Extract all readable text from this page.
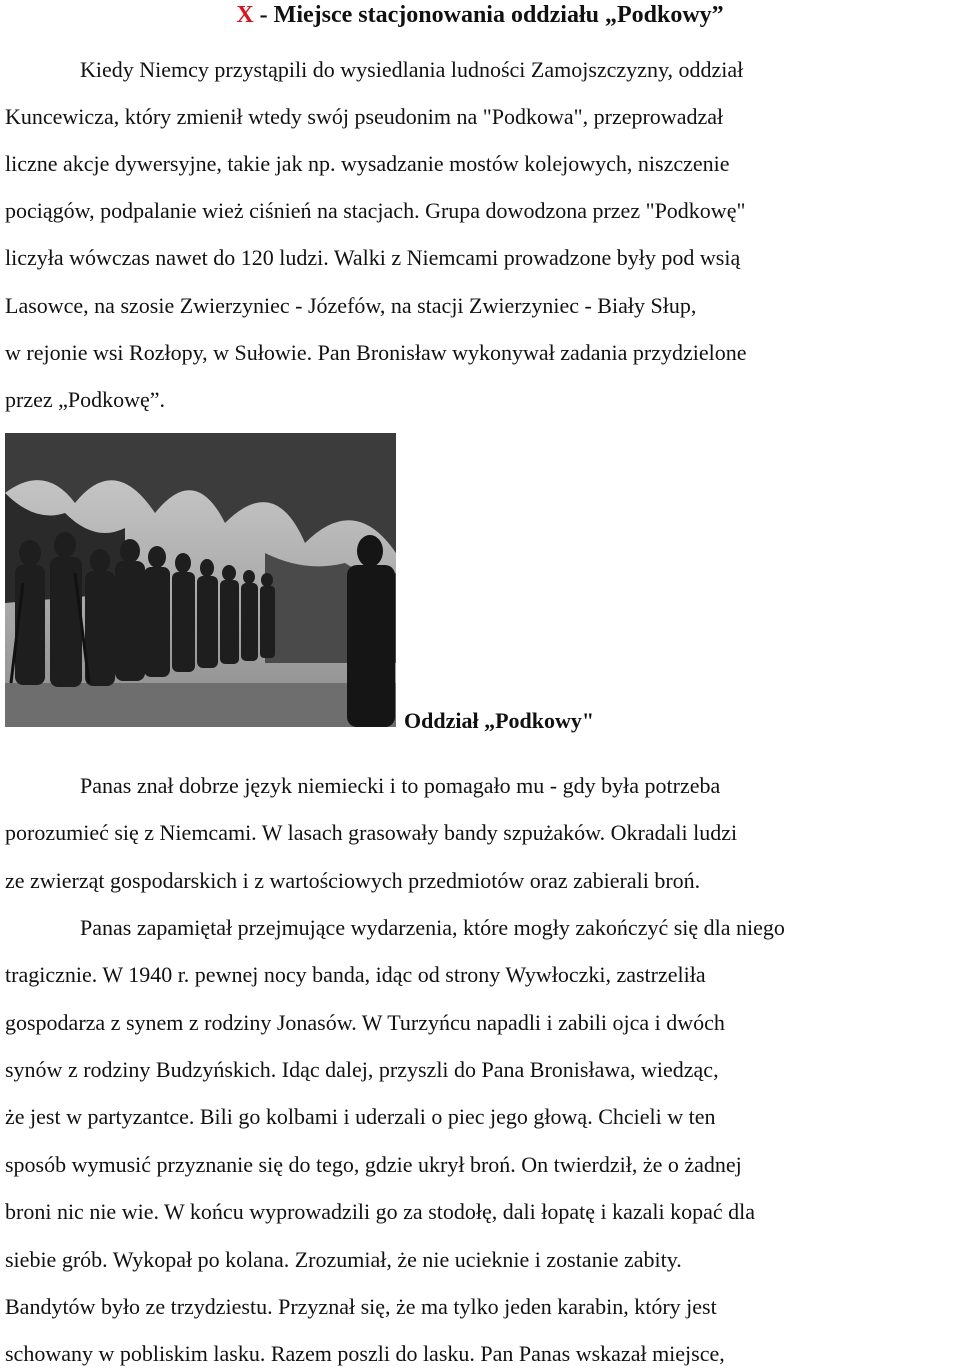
X - Miejsce stacjonowania oddziału „Podkowy”
Kiedy Niemcy przystąpili do wysiedlania ludności Zamojszczyzny, oddział
Kuncewicza, który zmienił wtedy swój pseudonim na "Podkowa", przeprowadzał
liczne akcje dywersyjne, takie jak np. wysadzanie mostów kolejowych, niszczenie
pociągów, podpalanie wież ciśnień na stacjach. Grupa dowodzona przez "Podkowę"
liczyła wówczas nawet do 120 ludzi. Walki z Niemcami prowadzone były pod wsią
Lasowce, na szosie Zwierzyniec - Józefów, na stacji Zwierzyniec - Biały Słup,
w rejonie wsi Rozłopy, w Sułowie. Pan Bronisław wykonywał zadania przydzielone
przez „Podkowę”.
Oddział „Podkowy"
Panas znał dobrze język niemiecki i to pomagało mu - gdy była potrzeba
porozumieć się z Niemcami. W lasach grasowały bandy szpużaków. Okradali ludzi
ze zwierząt gospodarskich i z wartościowych przedmiotów oraz zabierali broń.
Panas zapamiętał przejmujące wydarzenia, które mogły zakończyć się dla niego
tragicznie. W 1940 r. pewnej nocy banda, idąc od strony Wywłoczki, zastrzeliła
gospodarza z synem z rodziny Jonasów. W Turzyńcu napadli i zabili ojca i dwóch
synów z rodziny Budzyńskich. Idąc dalej, przyszli do Pana Bronisława, wiedząc,
że jest w partyzantce. Bili go kolbami i uderzali o piec jego głową. Chcieli w ten
sposób wymusić przyznanie się do tego, gdzie ukrył broń. On twierdził, że o żadnej
broni nic nie wie. W końcu wyprowadzili go za stodołę, dali łopatę i kazali kopać dla
siebie grób. Wykopał po kolana. Zrozumiał, że nie ucieknie i zostanie zabity.
Bandytów było ze trzydziestu. Przyznał się, że ma tylko jeden karabin, który jest
schowany w pobliskim lasku. Razem poszli do lasku. Pan Panas wskazał miejsce,
